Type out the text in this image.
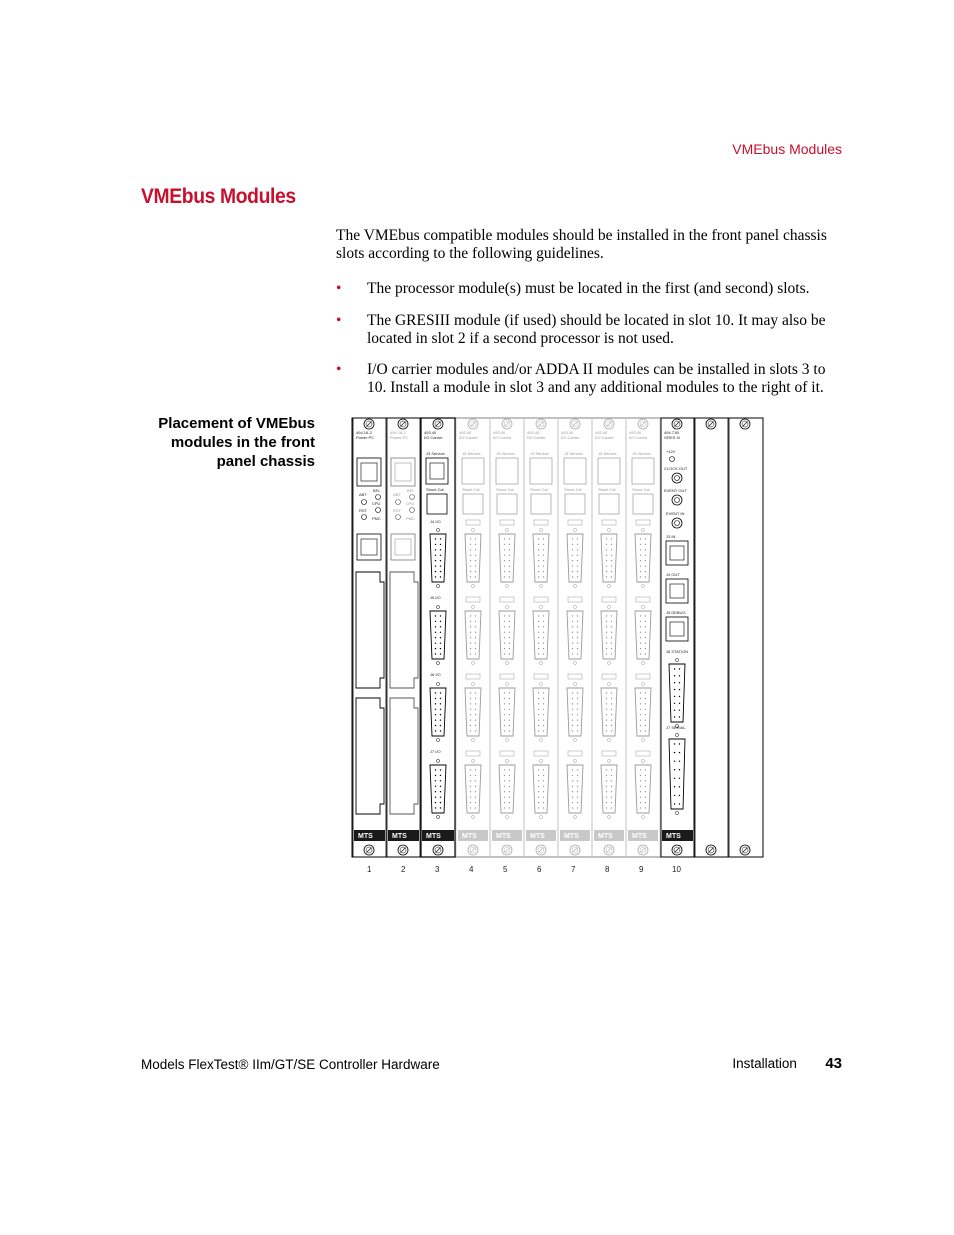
VMEbus Modules
VMEbus Modules

The VMEbus compatible modules should be installed in the front panel chassis slots according to the following guidelines.

• The processor module(s) must be located in the first (and second) slots.
• The GRESIII module (if used) should be located in slot 10. It may also be located in slot 2 if a second processor is not used.
• I/O carrier modules and/or ADDA II modules can be installed in slots 3 to 10. Install a module in slot 3 and any additional modules to the right of it.
Placement of VMEbus modules in the front panel chassis
493.40
I/O Carrier
J3 Service
Shunt Cal
MTS
493.40
I/O Carrier
J3 Service
Shunt Cal
MTS
493.40
I/O Carrier
J3 Service
Shunt Cal
MTS
493.40
I/O Carrier
J3 Service
Shunt Cal
MTS
493.40
I/O Carrier
J3 Service
Shunt Cal
MTS
493.40
I/O Carrier
J3 Service
Shunt Cal
MTS
494.16-2
Power PC
ABT
RST
BFL
CPU
PMC
MTS
494.16-2
Power PC
ABT
RST
BFL
CPU
PMC
MTS
493.40
I/O Carrier
J3 Service
Shunt Cal
J4 I/O
J5 I/O
J6 I/O
J7 I/O
MTS
494.71B
GRES III
+12V
CLOCK OUT
EVENT OUT
EVENT IN
J3 IN
J4 OUT
J5 DEBUG
J6 STATION
J7 SERIAL
MTS
1	2	3	4	5	6	7	8	9	10
Models FlexTest® IIm/GT/SE Controller Hardware	Installation 43
